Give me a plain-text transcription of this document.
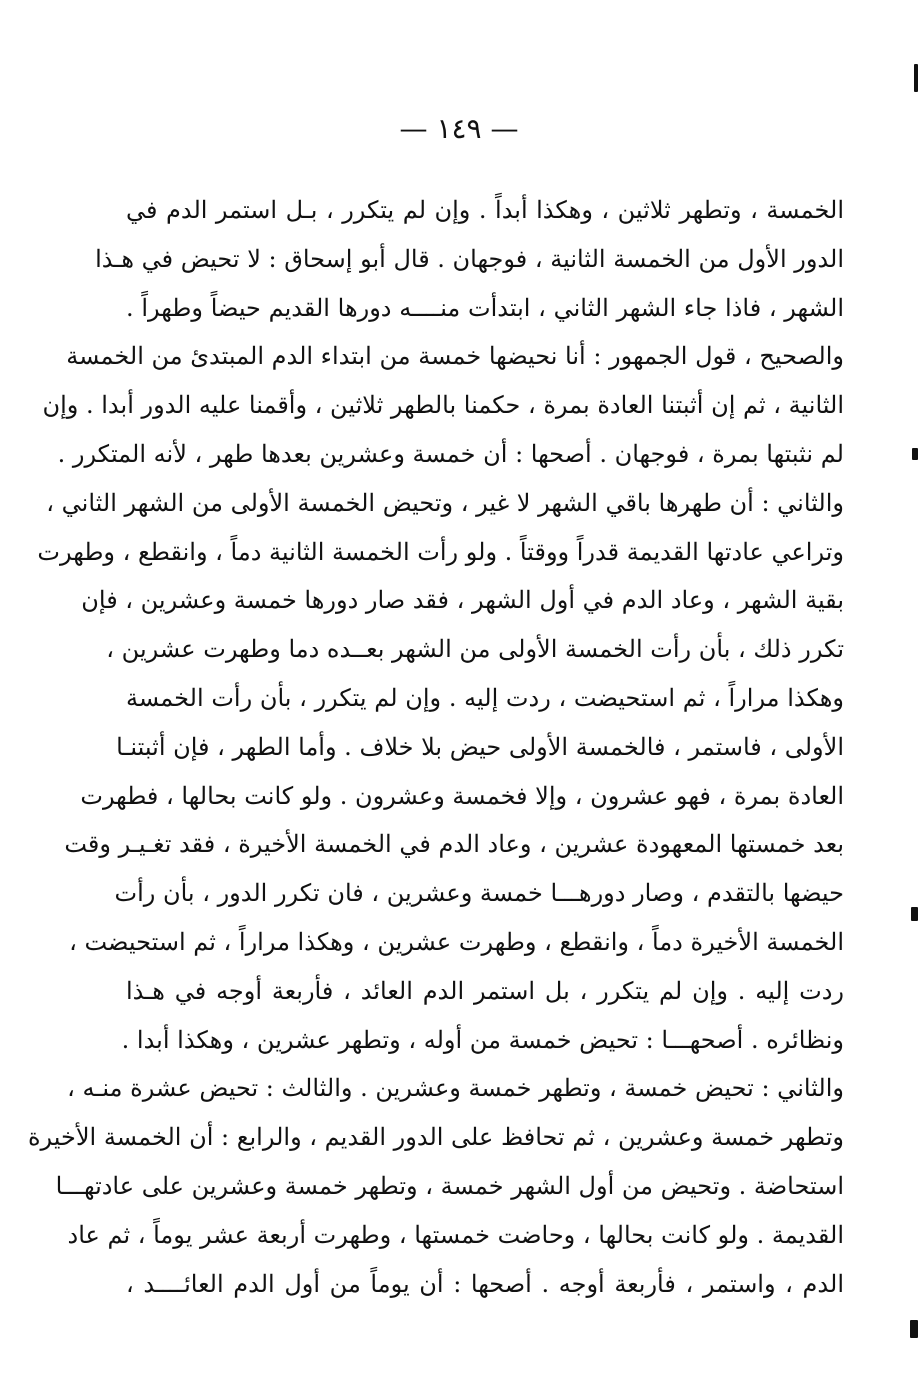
— ١٤٩ —
الخمسة ، وتطهر ثلاثين ، وهكذا أبداً . وإن لم يتكرر ، بـل استمر الدم في
الدور الأول من الخمسة الثانية ، فوجهان . قال أبو إسحاق : لا تحيض في هـذا
الشهر ، فاذا جاء الشهر الثاني ، ابتدأت منــــه دورها القديم حيضاً وطهراً .
والصحيح ، قول الجمهور : أنا نحيضها خمسة من ابتداء الدم المبتدئ من الخمسة
الثانية ، ثم إن أثبتنا العادة بمرة ، حكمنا بالطهر ثلاثين ، وأقمنا عليه الدور أبدا . وإن
لم نثبتها بمرة ، فوجهان . أصحها : أن خمسة وعشرين بعدها طهر ، لأنه المتكرر .
والثاني : أن طهرها باقي الشهر لا غير ، وتحيض الخمسة الأولى من الشهر الثاني ،
وتراعي عادتها القديمة قدراً ووقتاً . ولو رأت الخمسة الثانية دماً ، وانقطع ، وطهرت
بقية الشهر ، وعاد الدم في أول الشهر ، فقد صار دورها خمسة وعشرين ، فإن
تكرر ذلك ، بأن رأت الخمسة الأولى من الشهر بعــده دما وطهرت عشرين ،
وهكذا مراراً ، ثم استحيضت ، ردت إليه . وإن لم يتكرر ، بأن رأت الخمسة
الأولى ، فاستمر ، فالخمسة الأولى حيض بلا خلاف . وأما الطهر ، فإن أثبتنـا
العادة بمرة ، فهو عشرون ، وإلا فخمسة وعشرون . ولو كانت بحالها ، فطهرت
بعد خمستها المعهودة عشرين ، وعاد الدم في الخمسة الأخيرة ، فقد تغـيـر وقت
حيضها بالتقدم ، وصار دورهـــا خمسة وعشرين ، فان تكرر الدور ، بأن رأت
الخمسة الأخيرة دماً ، وانقطع ، وطهرت عشرين ، وهكذا مراراً ، ثم استحيضت ،
ردت إليه . وإن لم يتكرر ، بل استمر الدم العائد ، فأربعة أوجه في هـذا
ونظائره . أصحهـــا : تحيض خمسة من أوله ، وتطهر عشرين ، وهكذا أبدا .
والثاني : تحيض خمسة ، وتطهر خمسة وعشرين . والثالث : تحيض عشرة منـه ،
وتطهر خمسة وعشرين ، ثم تحافظ على الدور القديم ، والرابع : أن الخمسة الأخيرة
استحاضة . وتحيض من أول الشهر خمسة ، وتطهر خمسة وعشرين على عادتهـــا
القديمة . ولو كانت بحالها ، وحاضت خمستها ، وطهرت أربعة عشر يوماً ، ثم عاد
الدم ، واستمر ، فأربعة أوجه . أصحها : أن يوماً من أول الدم العائــــد ،
